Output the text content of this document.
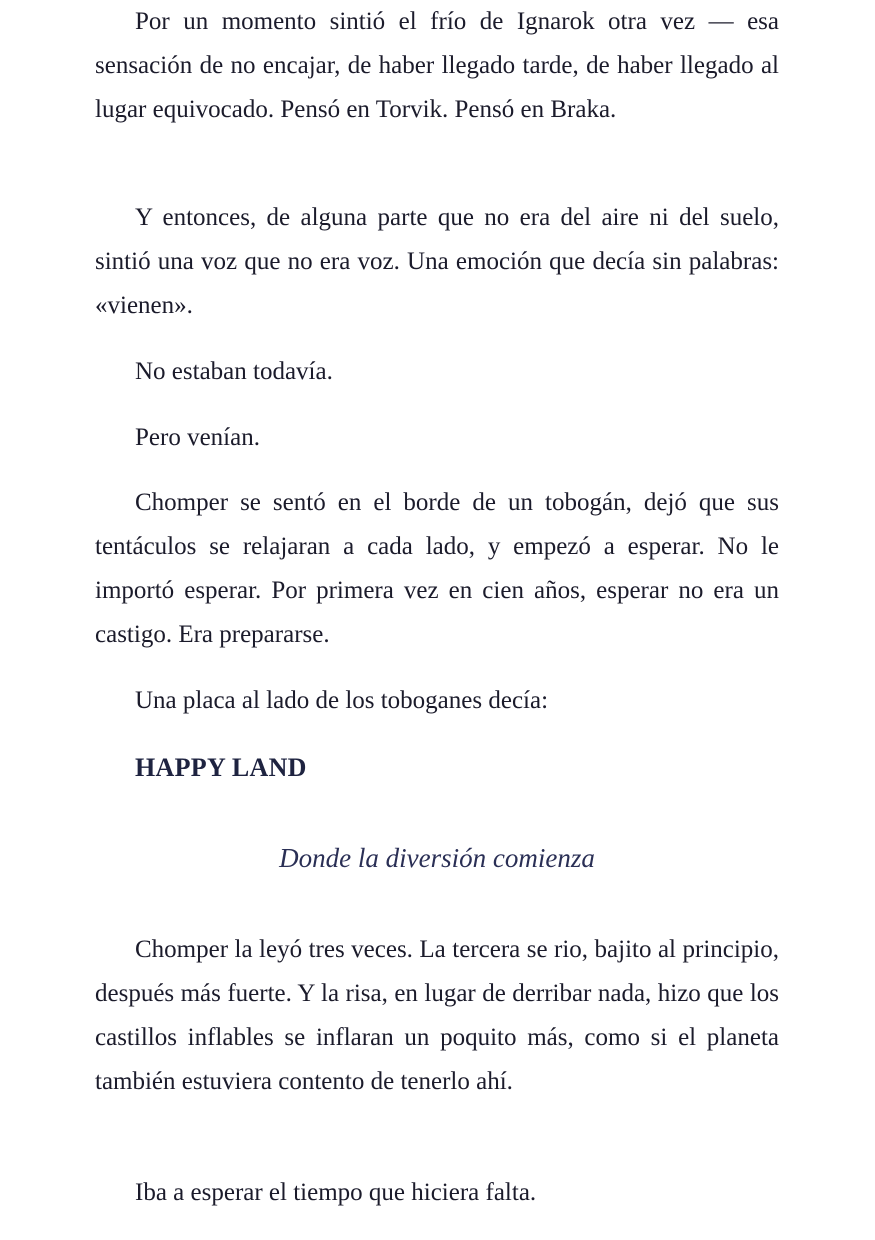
Por un momento sintió el frío de Ignarok otra vez — esa sensación de no encajar, de haber llegado tarde, de haber llegado al lugar equivocado. Pensó en Torvik. Pensó en Braka.

Y entonces, de alguna parte que no era del aire ni del suelo, sintió una voz que no era voz. Una emoción que decía sin palabras: «vienen».

No estaban todavía.

Pero venían.

Chomper se sentó en el borde de un tobogán, dejó que sus tentáculos se relajaran a cada lado, y empezó a esperar. No le importó esperar. Por primera vez en cien años, esperar no era un castigo. Era prepararse.

Una placa al lado de los toboganes decía:

HAPPY LAND

Donde la diversión comienza

Chomper la leyó tres veces. La tercera se rio, bajito al principio, después más fuerte. Y la risa, en lugar de derribar nada, hizo que los castillos inflables se inflaran un poquito más, como si el planeta también estuviera contento de tenerlo ahí.

Iba a esperar el tiempo que hiciera falta.
